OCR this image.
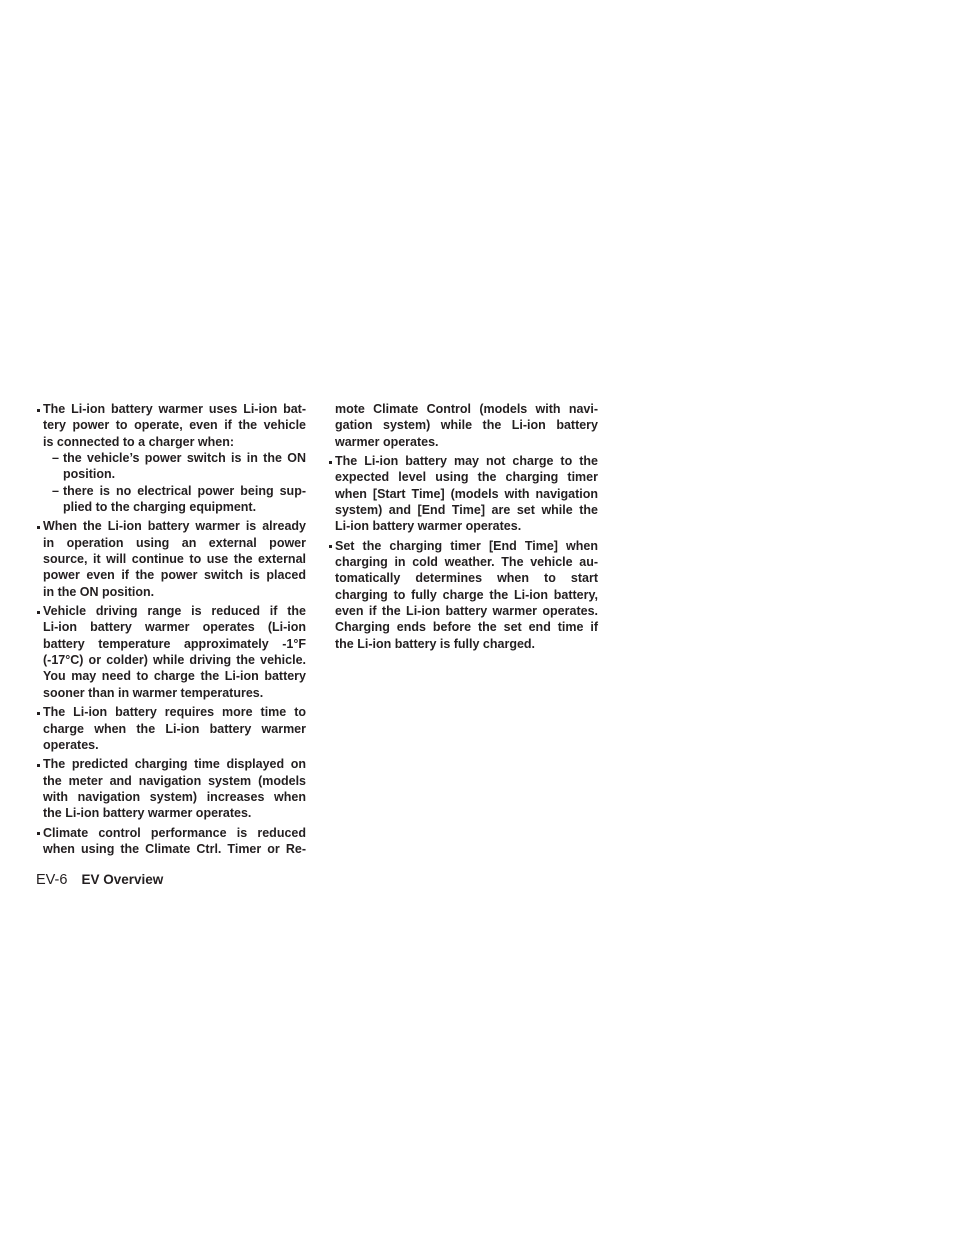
The Li-ion battery warmer uses Li-ion bat-
tery power to operate, even if the vehicle
is connected to a charger when:
– the vehicle’s power switch is in the ON
position.
– there is no electrical power being sup-
plied to the charging equipment.
When the Li-ion battery warmer is already
in operation using an external power
source, it will continue to use the external
power even if the power switch is placed
in the ON position.
Vehicle driving range is reduced if the
Li-ion battery warmer operates (Li-ion
battery temperature approximately -1°F
(-17°C) or colder) while driving the vehicle.
You may need to charge the Li-ion battery
sooner than in warmer temperatures.
The Li-ion battery requires more time to
charge when the Li-ion battery warmer
operates.
The predicted charging time displayed on
the meter and navigation system (models
with navigation system) increases when
the Li-ion battery warmer operates.
Climate control performance is reduced
when using the Climate Ctrl. Timer or Re-
mote Climate Control (models with navi-
gation system) while the Li-ion battery
warmer operates.
The Li-ion battery may not charge to the
expected level using the charging timer
when [Start Time] (models with navigation
system) and [End Time] are set while the
Li-ion battery warmer operates.
Set the charging timer [End Time] when
charging in cold weather. The vehicle au-
tomatically determines when to start
charging to fully charge the Li-ion battery,
even if the Li-ion battery warmer operates.
Charging ends before the set end time if
the Li-ion battery is fully charged.
EV-6 EV Overview
